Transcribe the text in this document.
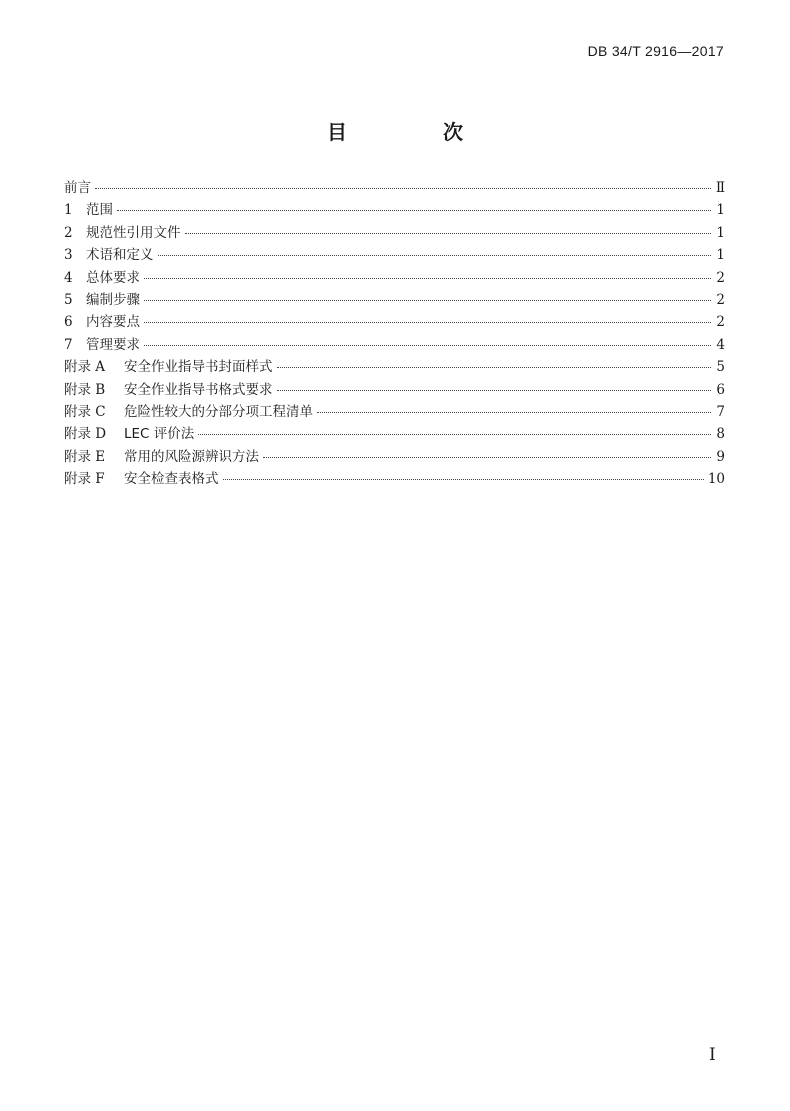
DB 34/T 2916—2017
目　次
前言	Ⅱ
1 范围	1
2 规范性引用文件	1
3 术语和定义	1
4 总体要求	2
5 编制步骤	2
6 内容要点	2
7 管理要求	4
附录 A	安全作业指导书封面样式	5
附录 B	安全作业指导书格式要求	6
附录 C	危险性较大的分部分项工程清单	7
附录 D	LEC 评价法	8
附录 E	常用的风险源辨识方法	9
附录 F	安全检查表格式	10
I
